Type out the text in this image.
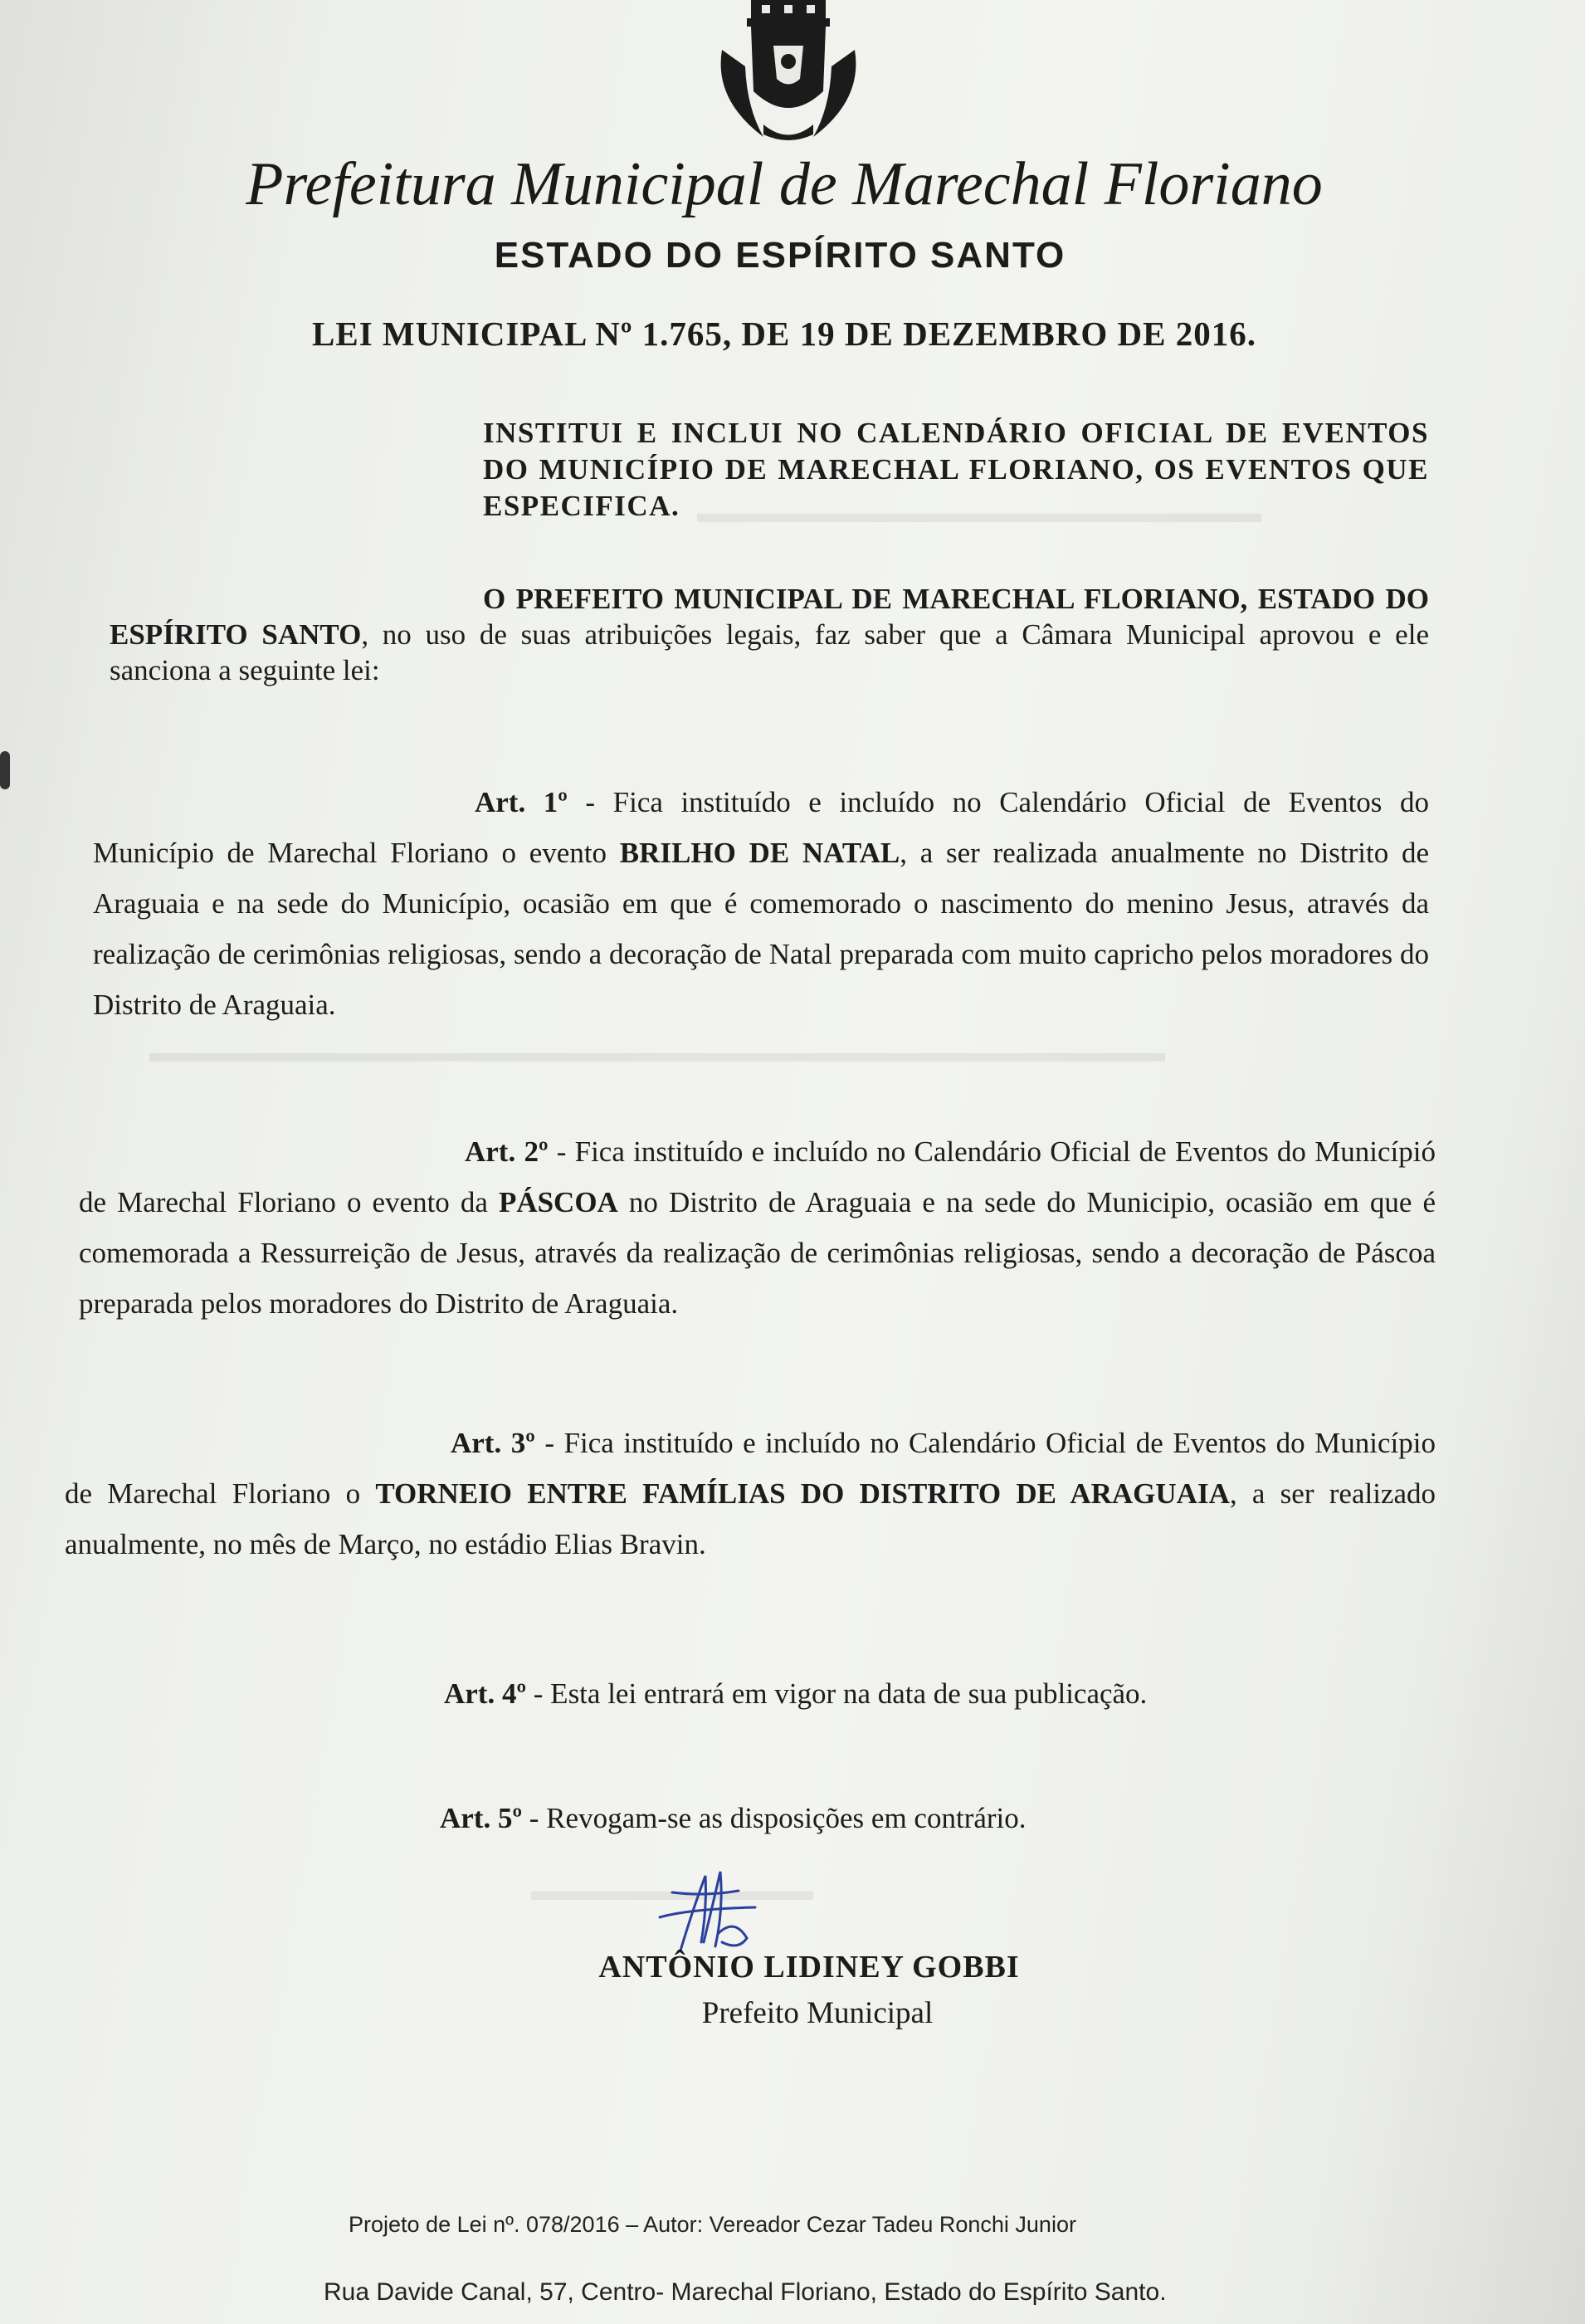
▬▬▬▬▬▬▬▬▬▬▬▬▬▬▬▬▬▬▬▬
▬▬▬▬▬▬▬▬▬▬▬▬▬▬▬▬▬▬▬▬▬▬▬▬▬▬▬▬▬▬▬▬▬▬▬▬
▬▬▬▬▬▬▬▬▬▬
Prefeitura Municipal de Marechal Floriano
ESTADO DO ESPÍRITO SANTO
LEI MUNICIPAL Nº 1.765, DE 19 DE DEZEMBRO DE 2016.
INSTITUI E INCLUI NO CALENDÁRIO OFICIAL DE EVENTOS DO MUNICÍPIO DE MARECHAL FLORIANO, OS EVENTOS QUE ESPECIFICA.
O PREFEITO MUNICIPAL DE MARECHAL FLORIANO, ESTADO DO ESPÍRITO SANTO, no uso de suas atribuições legais, faz saber que a Câmara Municipal aprovou e ele sanciona a seguinte lei:
Art. 1º - Fica instituído e incluído no Calendário Oficial de Eventos do Município de Marechal Floriano o evento BRILHO DE NATAL, a ser realizada anualmente no Distrito de Araguaia e na sede do Município, ocasião em que é comemorado o nascimento do menino Jesus, através da realização de cerimônias religiosas, sendo a decoração de Natal preparada com muito capricho pelos moradores do Distrito de Araguaia.
Art. 2º - Fica instituído e incluído no Calendário Oficial de Eventos do Municípió de Marechal Floriano o evento da PÁSCOA no Distrito de Araguaia e na sede do Municipio, ocasião em que é comemorada a Ressurreição de Jesus, através da realização de cerimônias religiosas, sendo a decoração de Páscoa preparada pelos moradores do Distrito de Araguaia.
Art. 3º - Fica instituído e incluído no Calendário Oficial de Eventos do Município de Marechal Floriano o TORNEIO ENTRE FAMÍLIAS DO DISTRITO DE ARAGUAIA, a ser realizado anualmente, no mês de Março, no estádio Elias Bravin.
Art. 4º - Esta lei entrará em vigor na data de sua publicação.
Art. 5º - Revogam-se as disposições em contrário.
ANTÔNIO LIDINEY GOBBI
Prefeito Municipal
Projeto de Lei nº. 078/2016 – Autor: Vereador Cezar Tadeu Ronchi Junior
Rua Davide Canal, 57, Centro- Marechal Floriano, Estado do Espírito Santo.
